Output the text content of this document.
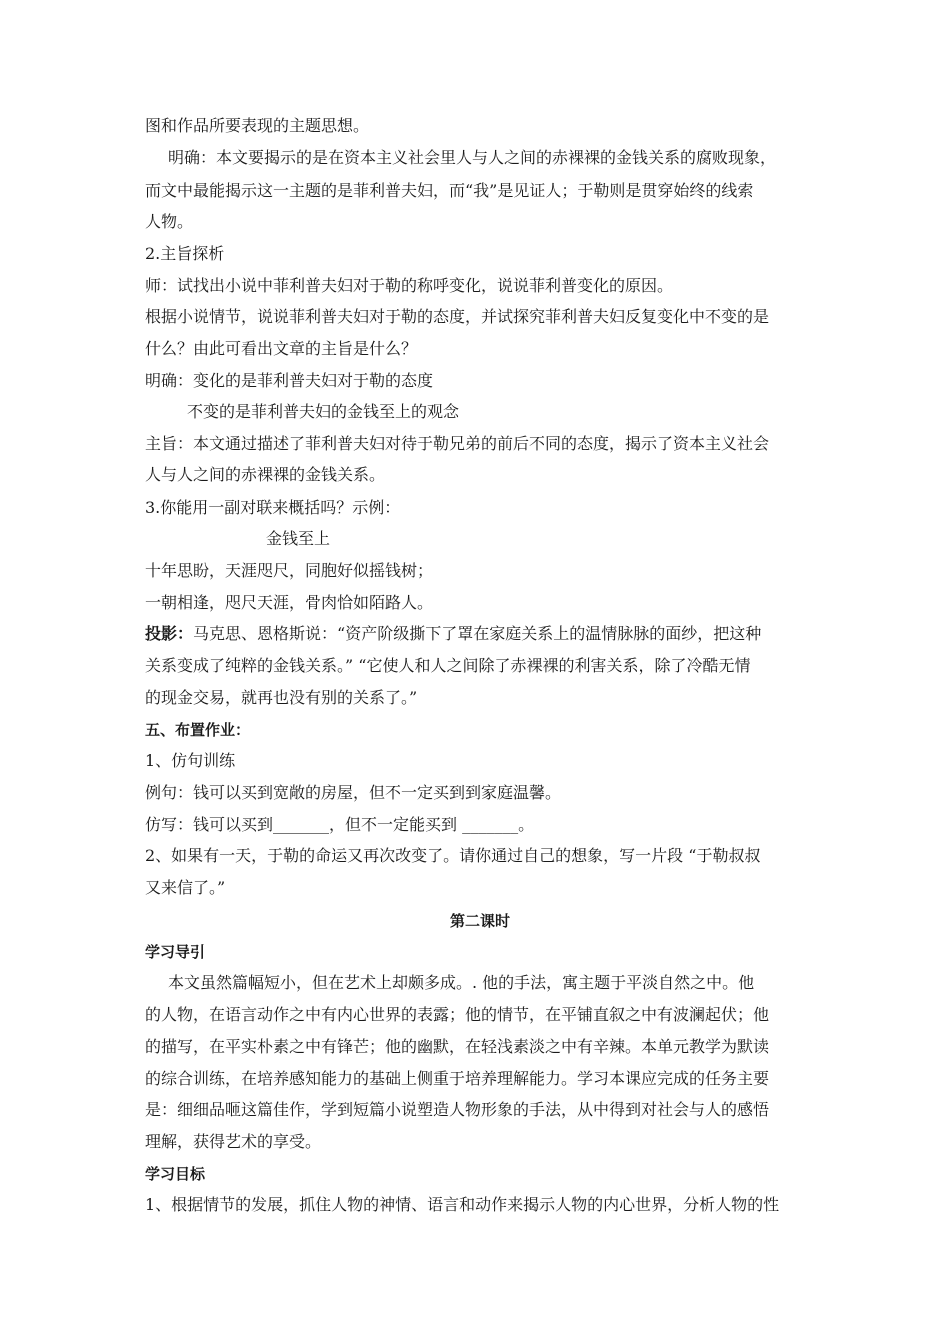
图和作品所要表现的主题思想。
明确：本文要揭示的是在资本主义社会里人与人之间的赤裸裸的金钱关系的腐败现象，
而文中最能揭示这一主题的是菲利普夫妇，而“我”是见证人；于勒则是贯穿始终的线索
人物。
2.主旨探析
师：试找出小说中菲利普夫妇对于勒的称呼变化，说说菲利普变化的原因。
根据小说情节，说说菲利普夫妇对于勒的态度，并试探究菲利普夫妇反复变化中不变的是
什么？由此可看出文章的主旨是什么？
明确：变化的是菲利普夫妇对于勒的态度
不变的是菲利普夫妇的金钱至上的观念
主旨：本文通过描述了菲利普夫妇对待于勒兄弟的前后不同的态度，揭示了资本主义社会
人与人之间的赤裸裸的金钱关系。
3.你能用一副对联来概括吗？示例：
金钱至上
十年思盼，天涯咫尺，同胞好似摇钱树；
一朝相逢，咫尺天涯，骨肉恰如陌路人。
投影：马克思、恩格斯说：“资产阶级撕下了罩在家庭关系上的温情脉脉的面纱，把这种
关系变成了纯粹的金钱关系。” “它使人和人之间除了赤裸裸的利害关系，除了冷酷无情
的现金交易，就再也没有别的关系了。”
五、布置作业：
1、仿句训练
例句：钱可以买到宽敞的房屋，但不一定买到到家庭温馨。
仿写：钱可以买到_______，但不一定能买到 _______。
2、如果有一天，于勒的命运又再次改变了。请你通过自己的想象，写一片段 “于勒叔叔
又来信了。”
第二课时
学习导引
本文虽然篇幅短小，但在艺术上却颇多成。. 他的手法，寓主题于平淡自然之中。他
的人物，在语言动作之中有内心世界的表露；他的情节，在平铺直叙之中有波澜起伏；他
的描写，在平实朴素之中有锋芒；他的幽默，在轻浅素淡之中有辛辣。本单元教学为默读
的综合训练，在培养感知能力的基础上侧重于培养理解能力。学习本课应完成的任务主要
是：细细品咂这篇佳作，学到短篇小说塑造人物形象的手法，从中得到对社会与人的感悟
理解，获得艺术的享受。
学习目标
1、根据情节的发展，抓住人物的神情、语言和动作来揭示人物的内心世界，分析人物的性
